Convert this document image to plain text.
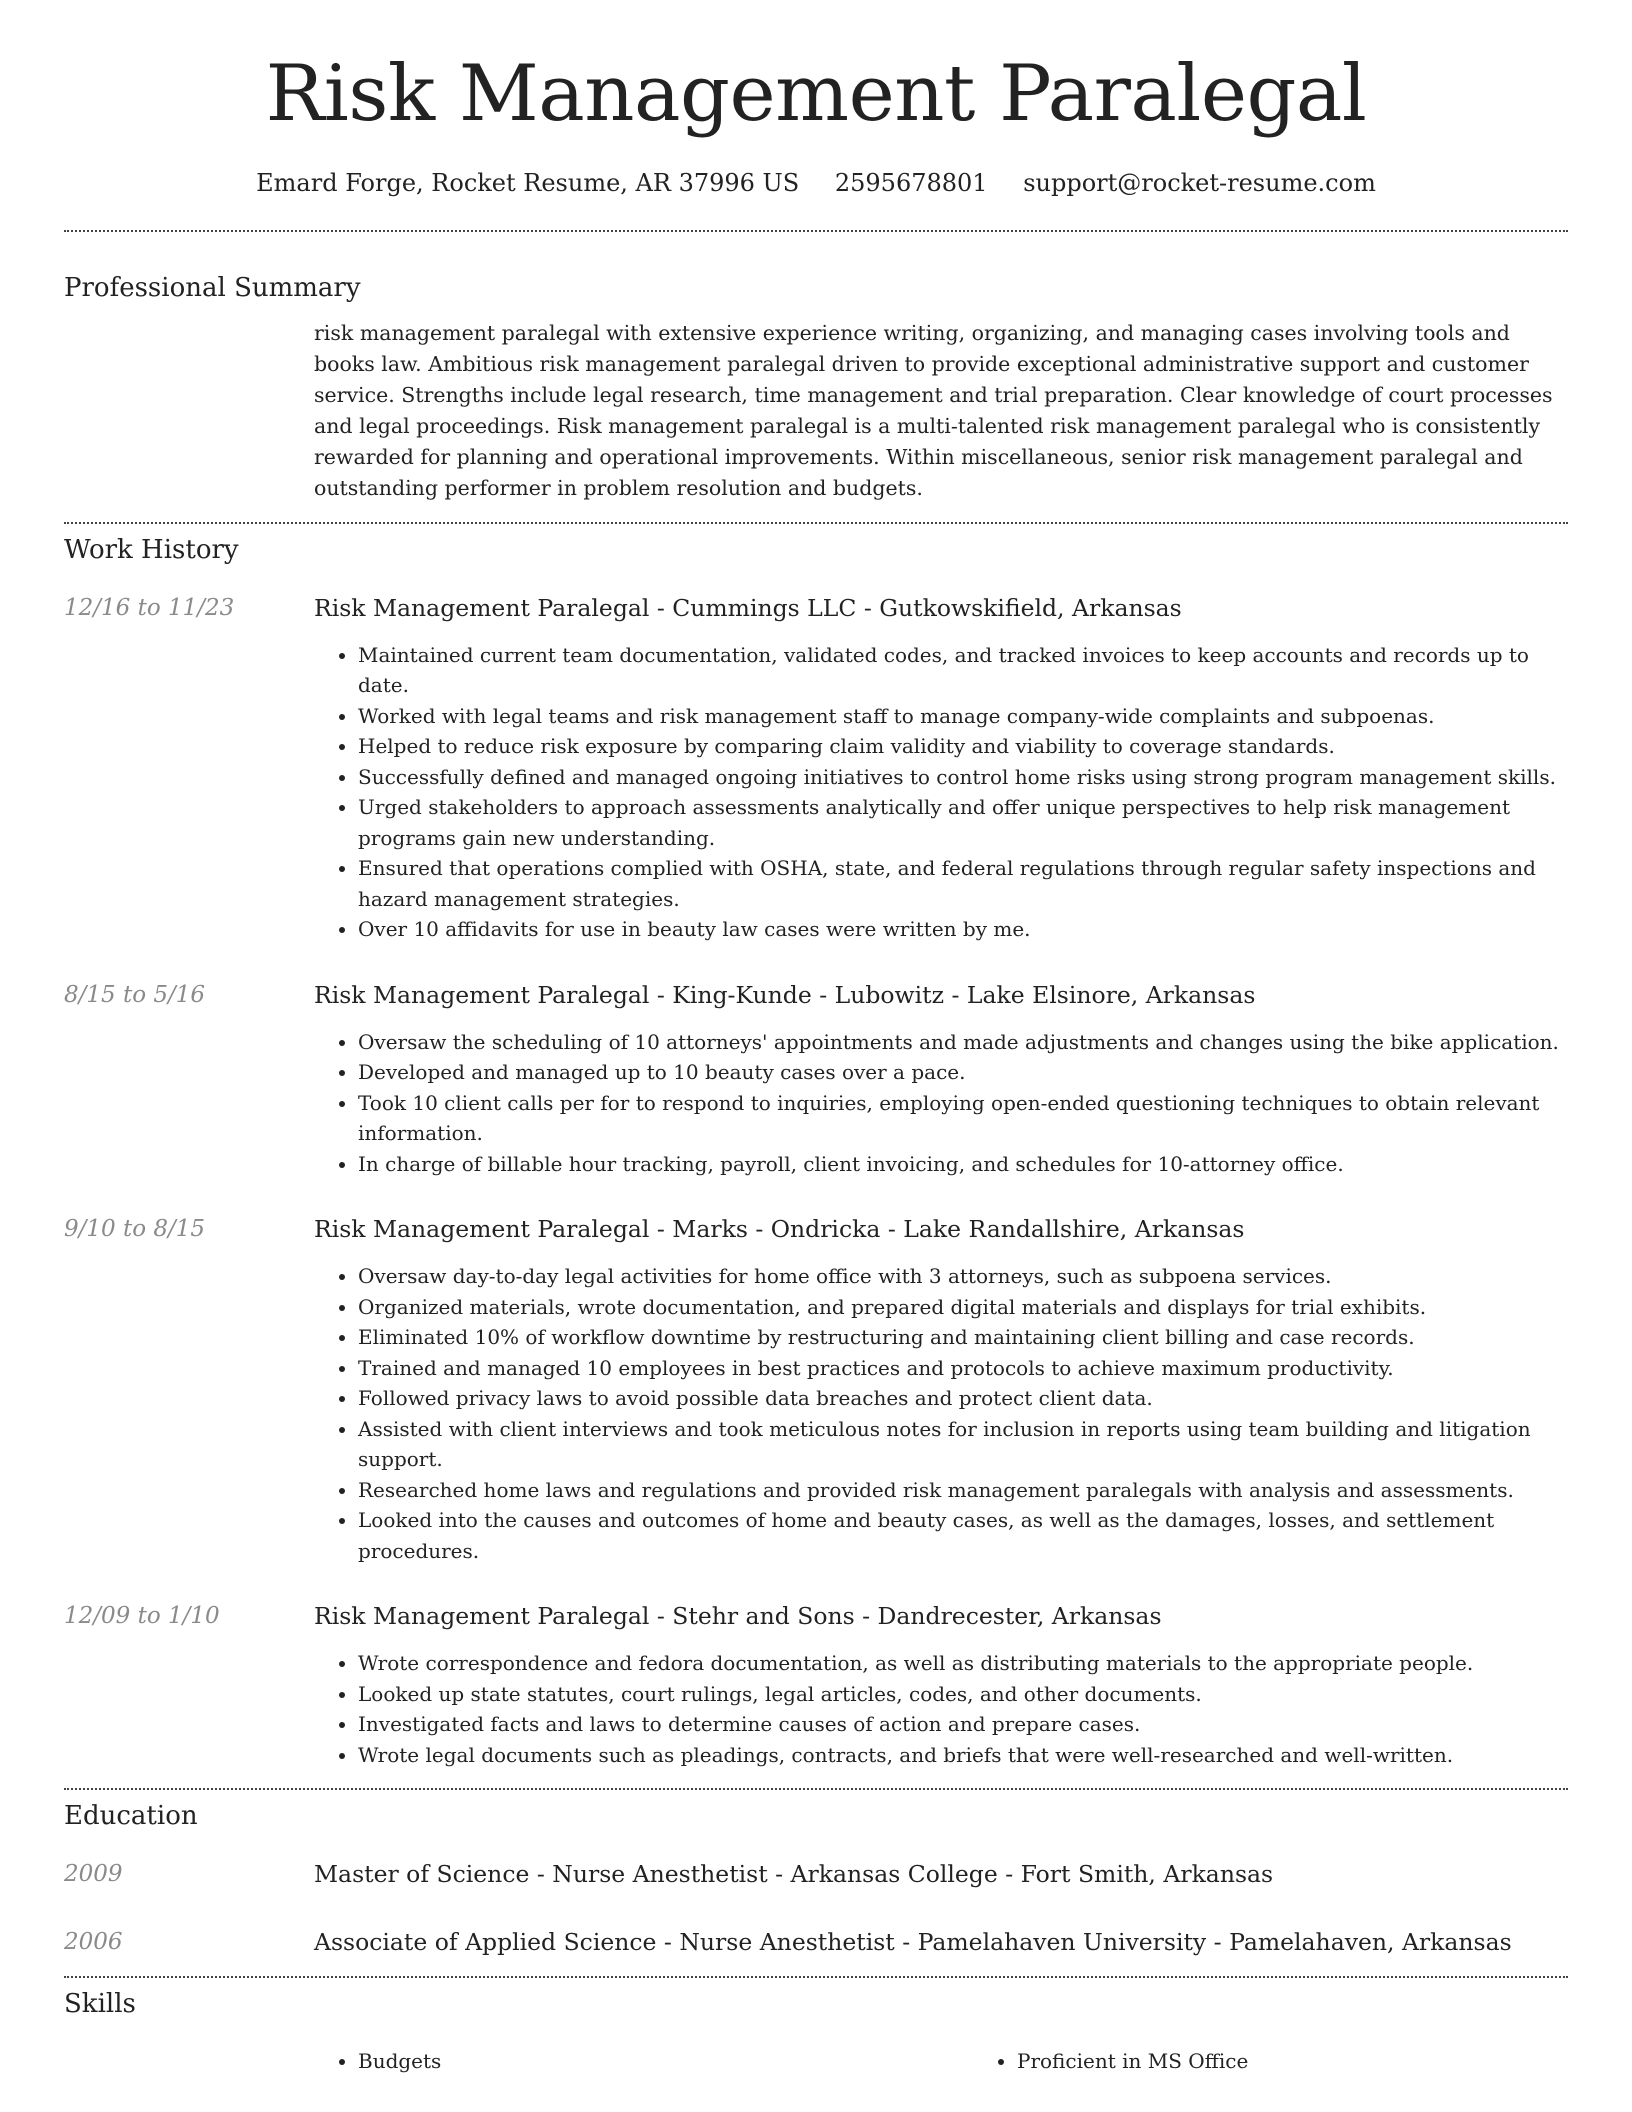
Risk Management Paralegal
Emard Forge, Rocket Resume, AR 37996 US 2595678801 support@rocket-resume.com
Professional Summary
risk management paralegal with extensive experience writing, organizing, and managing cases involving tools and books law. Ambitious risk management paralegal driven to provide exceptional administrative support and customer service. Strengths include legal research, time management and trial preparation. Clear knowledge of court processes and legal proceedings. Risk management paralegal is a multi-talented risk management paralegal who is consistently rewarded for planning and operational improvements. Within miscellaneous, senior risk management paralegal and outstanding performer in problem resolution and budgets.
Work History
12/16 to 11/23	Risk Management Paralegal - Cummings LLC - Gutkowskifield, Arkansas
• Maintained current team documentation, validated codes, and tracked invoices to keep accounts and records up to date.
• Worked with legal teams and risk management staff to manage company-wide complaints and subpoenas.
• Helped to reduce risk exposure by comparing claim validity and viability to coverage standards.
• Successfully defined and managed ongoing initiatives to control home risks using strong program management skills.
• Urged stakeholders to approach assessments analytically and offer unique perspectives to help risk management programs gain new understanding.
• Ensured that operations complied with OSHA, state, and federal regulations through regular safety inspections and hazard management strategies.
• Over 10 affidavits for use in beauty law cases were written by me.
8/15 to 5/16	Risk Management Paralegal - King-Kunde - Lubowitz - Lake Elsinore, Arkansas
• Oversaw the scheduling of 10 attorneys' appointments and made adjustments and changes using the bike application.
• Developed and managed up to 10 beauty cases over a pace.
• Took 10 client calls per for to respond to inquiries, employing open-ended questioning techniques to obtain relevant information.
• In charge of billable hour tracking, payroll, client invoicing, and schedules for 10-attorney office.
9/10 to 8/15	Risk Management Paralegal - Marks - Ondricka - Lake Randallshire, Arkansas
• Oversaw day-to-day legal activities for home office with 3 attorneys, such as subpoena services.
• Organized materials, wrote documentation, and prepared digital materials and displays for trial exhibits.
• Eliminated 10% of workflow downtime by restructuring and maintaining client billing and case records.
• Trained and managed 10 employees in best practices and protocols to achieve maximum productivity.
• Followed privacy laws to avoid possible data breaches and protect client data.
• Assisted with client interviews and took meticulous notes for inclusion in reports using team building and litigation support.
• Researched home laws and regulations and provided risk management paralegals with analysis and assessments.
• Looked into the causes and outcomes of home and beauty cases, as well as the damages, losses, and settlement procedures.
12/09 to 1/10	Risk Management Paralegal - Stehr and Sons - Dandrecester, Arkansas
• Wrote correspondence and fedora documentation, as well as distributing materials to the appropriate people.
• Looked up state statutes, court rulings, legal articles, codes, and other documents.
• Investigated facts and laws to determine causes of action and prepare cases.
• Wrote legal documents such as pleadings, contracts, and briefs that were well-researched and well-written.
Education
2009	Master of Science - Nurse Anesthetist - Arkansas College - Fort Smith, Arkansas
2006	Associate of Applied Science - Nurse Anesthetist - Pamelahaven University - Pamelahaven, Arkansas
Skills
• Budgets
•	Proficient in MS Office
